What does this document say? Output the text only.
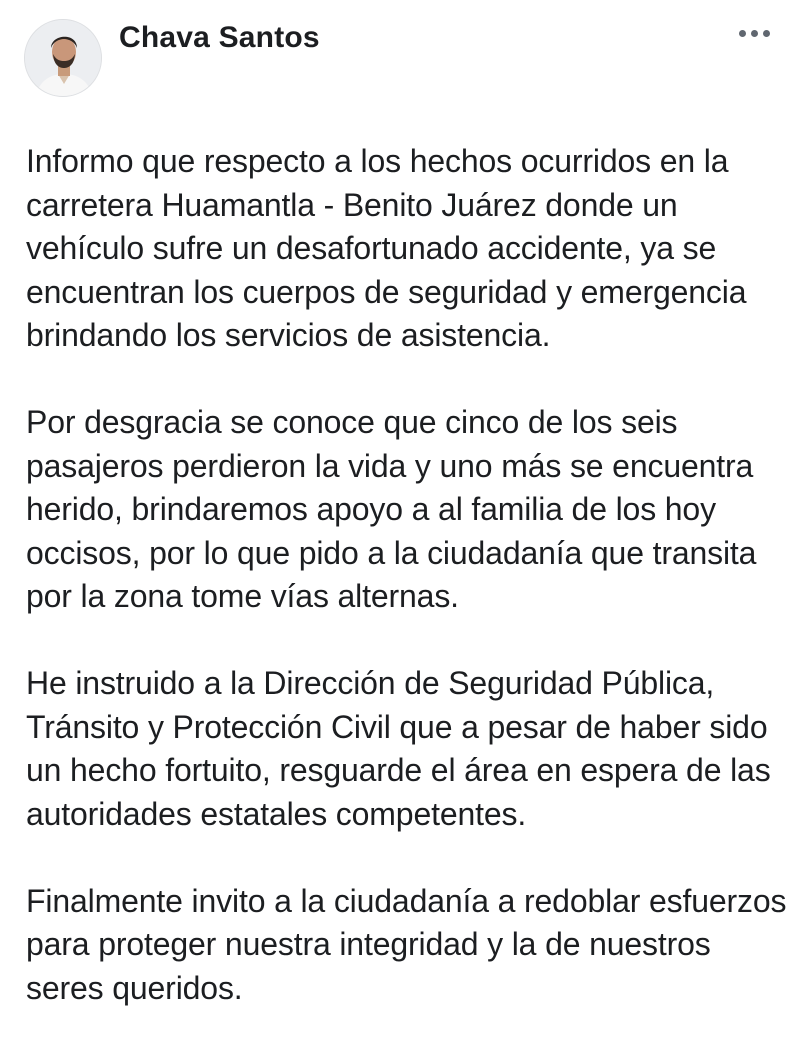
Chava Santos

Informo que respecto a los hechos ocurridos en la carretera Huamantla - Benito Juárez donde un vehículo sufre un desafortunado accidente, ya se encuentran los cuerpos de seguridad y emergencia brindando los servicios de asistencia.

Por desgracia se conoce que cinco de los seis pasajeros perdieron la vida y uno más se encuentra herido, brindaremos apoyo a al familia de los hoy occisos, por lo que pido a la ciudadanía que transita por la zona tome vías alternas.

He instruido a la Dirección de Seguridad Pública, Tránsito y Protección Civil que a pesar de haber sido un hecho fortuito, resguarde el área en espera de las autoridades estatales competentes.

Finalmente invito a la ciudadanía a redoblar esfuerzos para proteger nuestra integridad y la de nuestros seres queridos.
